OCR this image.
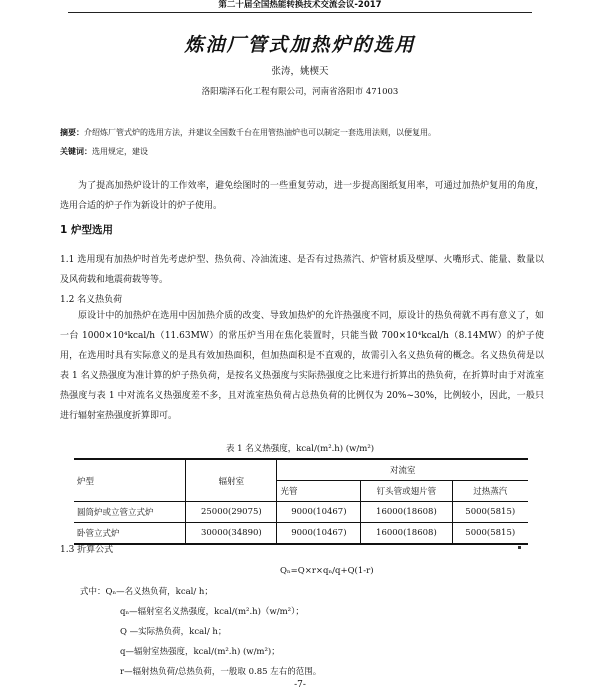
第二十届全国热能转换技术交流会议-2017
炼油厂管式加热炉的选用
张涛，姚楔天
洛阳瑞泽石化工程有限公司，河南省洛阳市 471003
摘要：介绍炼厂管式炉的选用方法，并建议全国数千台在用管热油炉也可以制定一套选用法则，以便复用。
关键词：选用规定，建设
为了提高加热炉设计的工作效率，避免绘图时的一些重复劳动，进一步提高图纸复用率，可通过加热炉复用的角度，选用合适的炉子作为新设计的炉子使用。
1 炉型选用
1.1 选用现有加热炉时首先考虑炉型、热负荷、冷油流速、是否有过热蒸汽、炉管材质及壁厚、火嘴形式、能量、数量以及风荷载和地震荷载等等。
1.2 名义热负荷
原设计中的加热炉在选用中因加热介质的改变、导致加热炉的允许热强度不同，原设计的热负荷就不再有意义了，如一台 1000×10⁴kcal/h（11.63MW）的常压炉当用在焦化装置时，只能当做 700×10⁴kcal/h（8.14MW）的炉子使用，在选用时具有实际意义的是具有效加热面积，但加热面积是不直观的，故需引入名义热负荷的概念。名义热负荷是以表 1 名义热强度为准计算的炉子热负荷，是按名义热强度与实际热强度之比来进行折算出的热负荷，在折算时由于对流室热强度与表 1 中对流名义热强度差不多，且对流室热负荷占总热负荷的比例仅为 20%~30%，比例较小，因此，一般只进行辐射室热强度折算即可。
表 1 名义热强度，kcal/(m².h) (w/m²)
炉型	辐射室	对流室		
		光管	钉头管或翅片管	过热蒸汽
圆筒炉或立管立式炉	25000(29075)	9000(10467)	16000(18608)	5000(5815)
卧管立式炉	30000(34890)	9000(10467)	16000(18608)	5000(5815)
1.3 折算公式
Qₙ=Q×r×qₙ/q+Q(1-r)
式中：Qₙ—名义热负荷，kcal/ h；
qₙ—辐射室名义热强度，kcal/(m².h)（w/m²）；
Q —实际热负荷，kcal/ h；
q—辐射室热强度，kcal/(m².h) (w/m²)；
r—辐射热负荷/总热负荷，一般取 0.85 左右的范围。
-7-
